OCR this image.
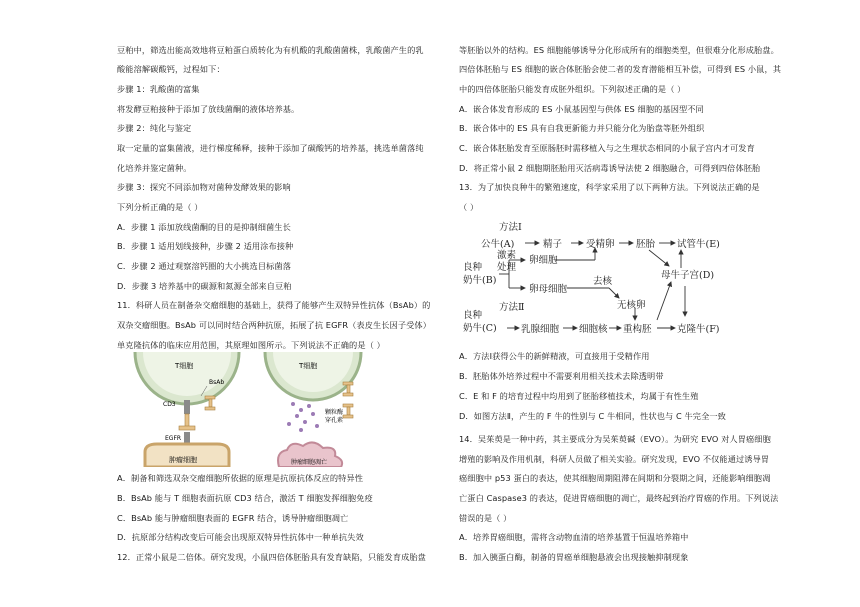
豆粕中，筛选出能高效地将豆粕蛋白质转化为有机酸的乳酸菌菌株，乳酸菌产生的乳
酸能溶解碳酸钙，过程如下：
步骤 1：乳酸菌的富集
将发酵豆粕接种于添加了放线菌酮的液体培养基。
步骤 2：纯化与鉴定
取一定量的富集菌液，进行梯度稀释，接种于添加了碳酸钙的培养基，挑选单菌落纯
化培养并鉴定菌种。
步骤 3：探究不同添加物对菌种发酵效果的影响
下列分析正确的是（ ）
A．步骤 1 添加放线菌酮的目的是抑制细菌生长
B．步骤 1 适用划线接种，步骤 2 适用涂布接种
C．步骤 2 通过观察溶钙圈的大小挑选目标菌落
D．步骤 3 培养基中的碳源和氮源全部来自豆粕
11．科研人员在制备杂交瘤细胞的基础上，获得了能够产生双特异性抗体（BsAb）的
双杂交瘤细胞。BsAb 可以同时结合两种抗原，拓展了抗 EGFR（表皮生长因子受体）
单克隆抗体的临床应用范围，其原理如图所示。下列说法不正确的是（ ）
T细胞
CD3
BsAb
EGFR
肿瘤细胞
T细胞
颗粒酶
穿孔素
肿瘤细胞凋亡
A．制备和筛选双杂交瘤细胞所依据的原理是抗原抗体反应的特异性
B．BsAb 能与 T 细胞表面抗原 CD3 结合，激活 T 细胞发挥细胞免疫
C．BsAb 能与肿瘤细胞表面的 EGFR 结合，诱导肿瘤细胞凋亡
D．抗原部分结构改变后可能会出现原双特异性抗体中一种单抗失效
12．正常小鼠是二倍体。研究发现，小鼠四倍体胚胎具有发育缺陷，只能发育成胎盘
等胚胎以外的结构。ES 细胞能够诱导分化形成所有的细胞类型，但很难分化形成胎盘。
四倍体胚胎与 ES 细胞的嵌合体胚胎会使二者的发育潜能相互补偿，可得到 ES 小鼠，其
中的四倍体胚胎只能发育成胚外组织。下列叙述正确的是（ ）
A．嵌合体发育形成的 ES 小鼠基因型与供体 ES 细胞的基因型不同
B．嵌合体中的 ES 具有自我更新能力并只能分化为胎盘等胚外组织
C．嵌合体胚胎发育至原肠胚时需移植入与之生理状态相同的小鼠子宫内才可发育
D．将正常小鼠 2 细胞期胚胎用灭活病毒诱导法使 2 细胞融合，可得到四倍体胚胎
13．为了加快良种牛的繁殖速度，科学家采用了以下两种方法。下列说法正确的是
（ ）
方法Ⅰ
公牛(A)	精子	受精卵 胚胎 试管牛(E)
良种
奶牛(B)
激素
处理
卵细胞
卵母细胞
去核
母牛子宫(D)
无核卵
方法Ⅱ
良种
奶牛(C)	乳腺细胞 细胞核 重构胚	克隆牛(F)
A．方法Ⅰ获得公牛的新鲜精液，可直接用于受精作用
B．胚胎体外培养过程中不需要利用相关技术去除透明带
C．E 和 F 的培育过程中均用到了胚胎移植技术，均属于有性生殖
D．如图方法Ⅱ，产生的 F 牛的性别与 C 牛相同，性状也与 C 牛完全一致
14．吴茱萸是一种中药，其主要成分为吴茱萸碱（EVO）。为研究 EVO 对人胃癌细胞
增殖的影响及作用机制，科研人员做了相关实验。研究发现，EVO 不仅能通过诱导胃
癌细胞中 p53 蛋白的表达，使其细胞周期阻滞在间期和分裂期之间，还能影响细胞凋
亡蛋白 Caspase3 的表达，促进胃癌细胞的凋亡，最终起到治疗胃癌的作用。下列说法
错误的是（ ）
A．培养胃癌细胞，需将含动物血清的培养基置于恒温培养箱中
B．加入胰蛋白酶，制备的胃癌单细胞悬液会出现接触抑制现象
